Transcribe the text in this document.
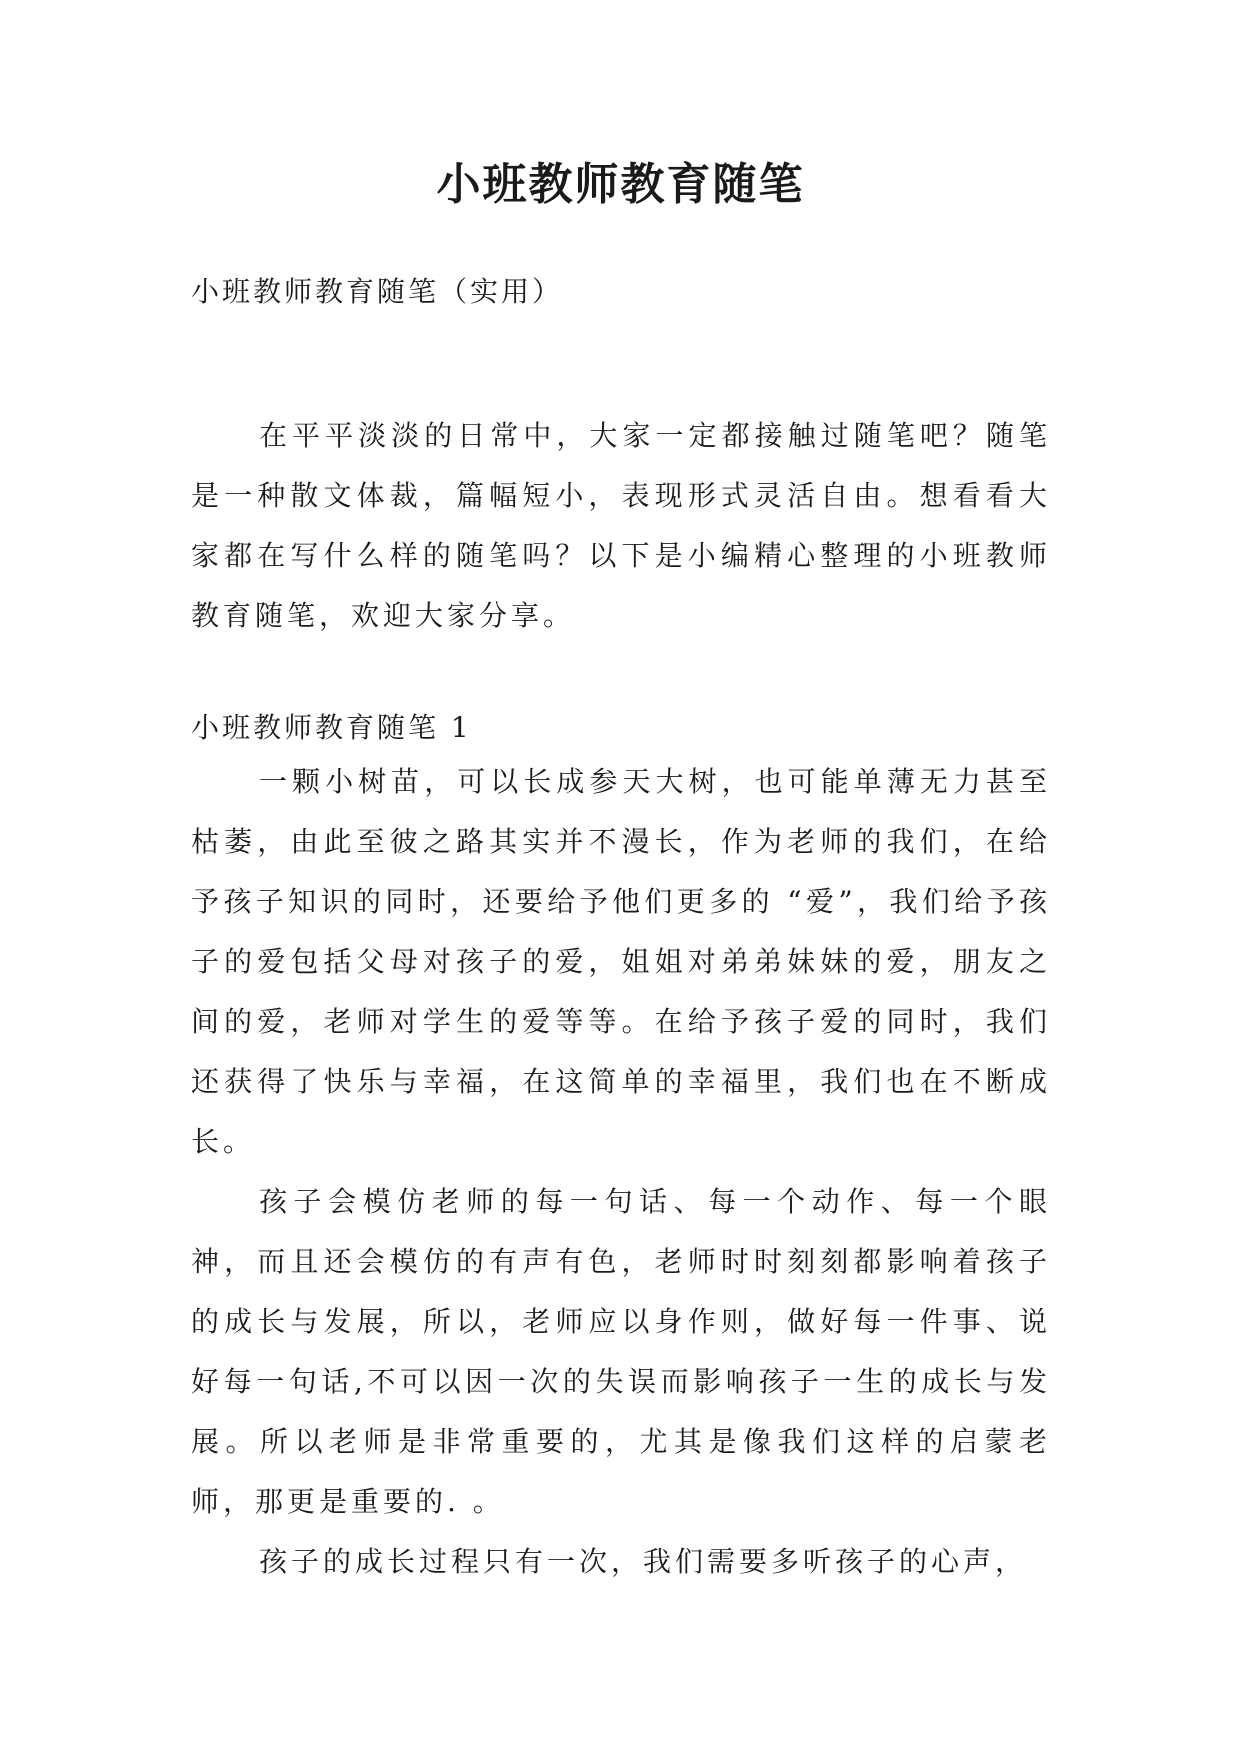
小班教师教育随笔

小班教师教育随笔（实用）

在平平淡淡的日常中，大家一定都接触过随笔吧？随笔是一种散文体裁，篇幅短小，表现形式灵活自由。想看看大家都在写什么样的随笔吗？以下是小编精心整理的小班教师教育随笔，欢迎大家分享。

小班教师教育随笔 1

一颗小树苗，可以长成参天大树，也可能单薄无力甚至枯萎，由此至彼之路其实并不漫长，作为老师的我们，在给予孩子知识的同时，还要给予他们更多的 “爱”，我们给予孩子的爱包括父母对孩子的爱，姐姐对弟弟妹妹的爱，朋友之间的爱，老师对学生的爱等等。在给予孩子爱的同时，我们还获得了快乐与幸福，在这简单的幸福里，我们也在不断成长。

孩子会模仿老师的每一句话、每一个动作、每一个眼神，而且还会模仿的有声有色，老师时时刻刻都影响着孩子的成长与发展，所以，老师应以身作则，做好每一件事、说好每一句话,不可以因一次的失误而影响孩子一生的成长与发展。所以老师是非常重要的，尤其是像我们这样的启蒙老师，那更是重要的. 。

孩子的成长过程只有一次，我们需要多听孩子的心声，
